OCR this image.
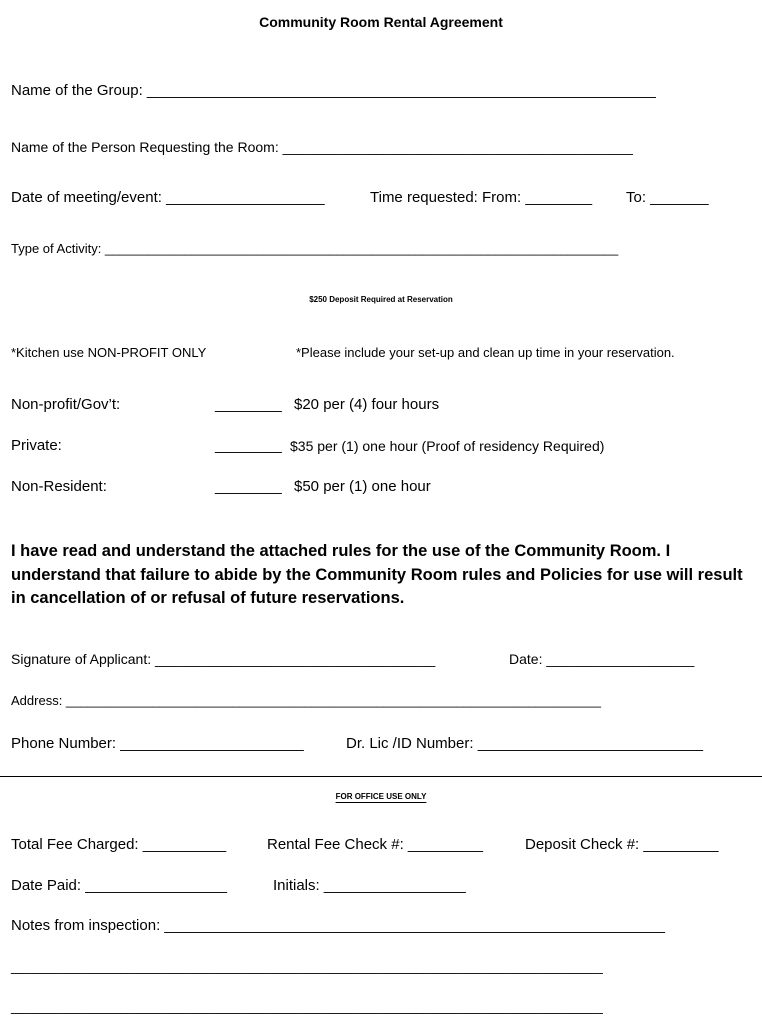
Community Room Rental Agreement
Name of the Group: _____________________________________________________________
Name of the Person Requesting the Room: _____________________________________________
Date of meeting/event: ___________________	Time requested: From: ________ To: _______
Type of Activity: _______________________________________________________________________
$250 Deposit Required at Reservation
*Kitchen use NON-PROFIT ONLY	*Please include your set-up and clean up time in your reservation.
Non-profit/Gov’t:	________ $20 per (4) four hours
Private:	________ $35 per (1) one hour (Proof of residency Required)
Non-Resident:	________ $50 per (1) one hour
I have read and understand the attached rules for the use of the Community Room. I understand that failure to abide by the Community Room rules and Policies for use will result in cancellation of or refusal of future reservations.
Signature of Applicant: ____________________________________	Date: ___________________
Address: __________________________________________________________________________
Phone Number: ______________________	Dr. Lic /ID Number: ___________________________
FOR OFFICE USE ONLY
Total Fee Charged: __________	Rental Fee Check #: _________	Deposit Check #: _________
Date Paid: _________________	Initials: _________________
Notes from inspection: ____________________________________________________________
____________________________________________________________________________
____________________________________________________________________________
